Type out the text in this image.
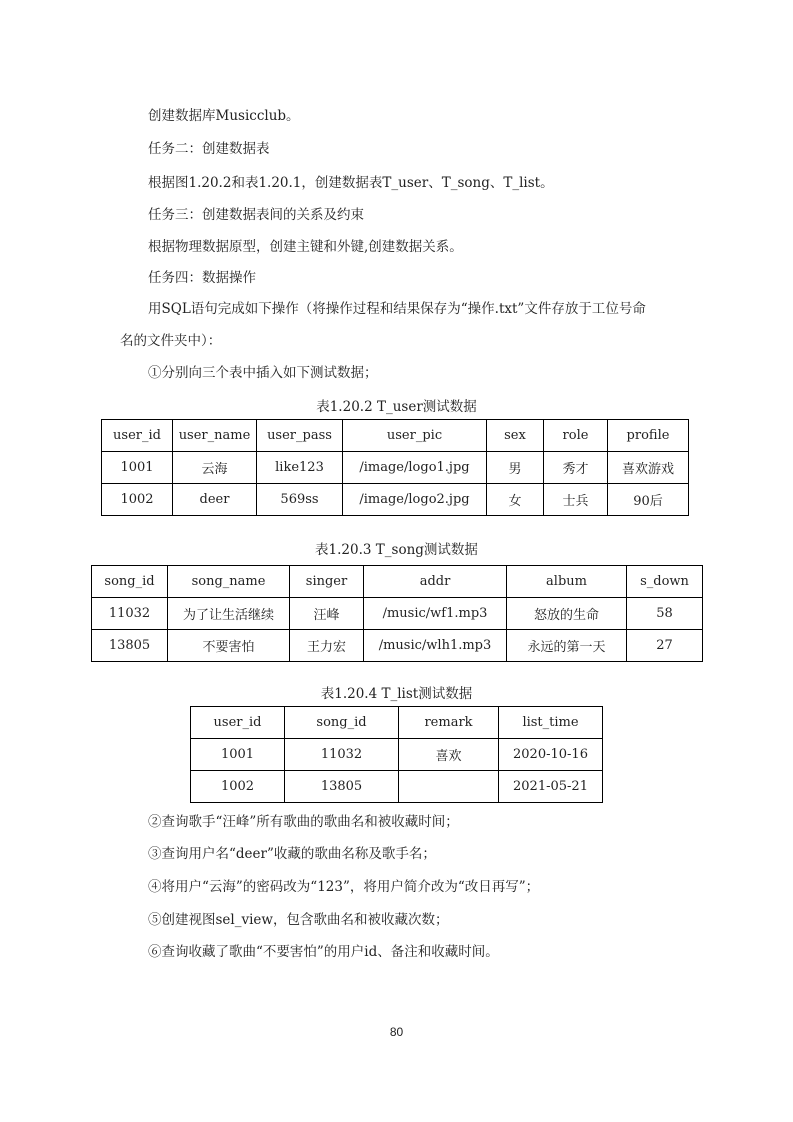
创建数据库Musicclub。
任务二：创建数据表
根据图1.20.2和表1.20.1，创建数据表T_user、T_song、T_list。
任务三：创建数据表间的关系及约束
根据物理数据原型，创建主键和外键,创建数据关系。
任务四：数据操作
用SQL语句完成如下操作（将操作过程和结果保存为“操作.txt”文件存放于工位号命
名的文件夹中）：
①分别向三个表中插入如下测试数据；
表1.20.2 T_user测试数据
user_id	user_name	user_pass	user_pic	sex	role	profile
1001	云海	like123	/image/logo1.jpg	男	秀才	喜欢游戏
1002	deer	569ss	/image/logo2.jpg	女	士兵	90后
表1.20.3 T_song测试数据
song_id	song_name	singer	addr	album	s_down
11032	为了让生活继续	汪峰	/music/wf1.mp3	怒放的生命	58
13805	不要害怕	王力宏	/music/wlh1.mp3	永远的第一天	27
表1.20.4 T_list测试数据
user_id	song_id	remark	list_time
1001	11032	喜欢	2020-10-16
1002	13805		2021-05-21
②查询歌手“汪峰”所有歌曲的歌曲名和被收藏时间；
③查询用户名“deer”收藏的歌曲名称及歌手名；
④将用户“云海”的密码改为“123”，将用户简介改为“改日再写”；
⑤创建视图sel_view，包含歌曲名和被收藏次数；
⑥查询收藏了歌曲“不要害怕”的用户id、备注和收藏时间。
80
